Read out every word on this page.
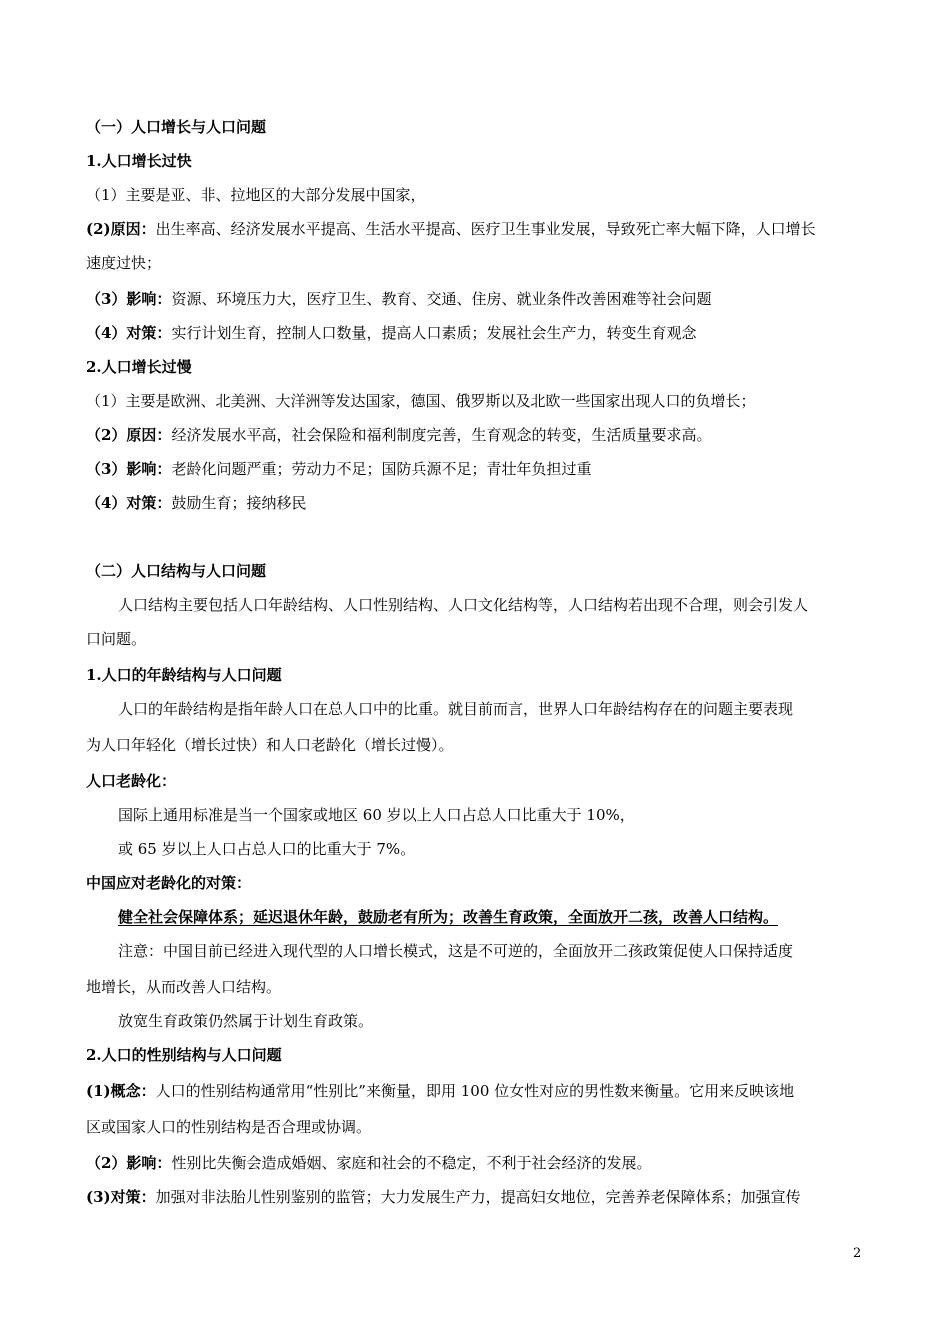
（一）人口增长与人口问题
1.人口增长过快
（1）主要是亚、非、拉地区的大部分发展中国家，
(2)原因：出生率高、经济发展水平提高、生活水平提高、医疗卫生事业发展，导致死亡率大幅下降，人口增长
速度过快；
（3）影响：资源、环境压力大，医疗卫生、教育、交通、住房、就业条件改善困难等社会问题
（4）对策：实行计划生育，控制人口数量，提高人口素质；发展社会生产力，转变生育观念
2.人口增长过慢
（1）主要是欧洲、北美洲、大洋洲等发达国家，德国、俄罗斯以及北欧一些国家出现人口的负增长；
（2）原因：经济发展水平高，社会保险和福利制度完善，生育观念的转变，生活质量要求高。
（3）影响：老龄化问题严重；劳动力不足；国防兵源不足；青壮年负担过重
（4）对策：鼓励生育；接纳移民
（二）人口结构与人口问题
人口结构主要包括人口年龄结构、人口性别结构、人口文化结构等，人口结构若出现不合理，则会引发人
口问题。
1.人口的年龄结构与人口问题
人口的年龄结构是指年龄人口在总人口中的比重。就目前而言，世界人口年龄结构存在的问题主要表现
为人口年轻化（增长过快）和人口老龄化（增长过慢）。
人口老龄化：
国际上通用标准是当一个国家或地区 60 岁以上人口占总人口比重大于 10%，
或 65 岁以上人口占总人口的比重大于 7%。
中国应对老龄化的对策：
健全社会保障体系；延迟退休年龄，鼓励老有所为；改善生育政策，全面放开二孩，改善人口结构。
注意：中国目前已经进入现代型的人口增长模式，这是不可逆的，全面放开二孩政策促使人口保持适度
地增长，从而改善人口结构。
放宽生育政策仍然属于计划生育政策。
2.人口的性别结构与人口问题
(1)概念：人口的性别结构通常用“性别比”来衡量，即用 100 位女性对应的男性数来衡量。它用来反映该地
区或国家人口的性别结构是否合理或协调。
（2）影响：性别比失衡会造成婚姻、家庭和社会的不稳定，不利于社会经济的发展。
(3)对策：加强对非法胎儿性别鉴别的监管；大力发展生产力，提高妇女地位，完善养老保障体系；加强宣传
2
